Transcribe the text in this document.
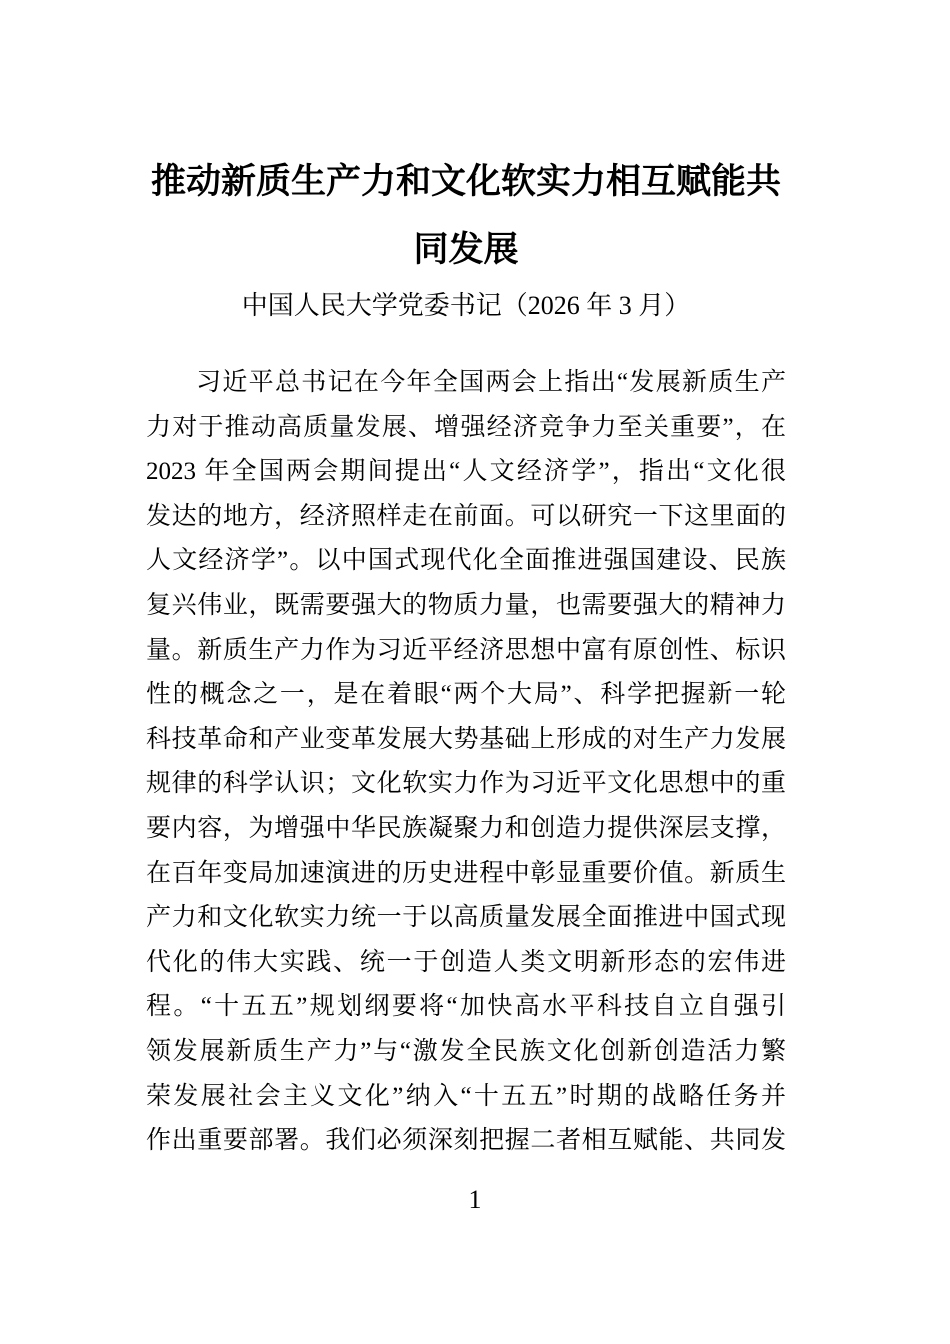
推动新质生产力和文化软实力相互赋能共
同发展
中国人民大学党委书记（2026 年 3 月）
习近平总书记在今年全国两会上指出“发展新质生产
力对于推动高质量发展、增强经济竞争力至关重要”，在
2023 年全国两会期间提出“人文经济学”，指出“文化很
发达的地方，经济照样走在前面。可以研究一下这里面的
人文经济学”。以中国式现代化全面推进强国建设、民族
复兴伟业，既需要强大的物质力量，也需要强大的精神力
量。新质生产力作为习近平经济思想中富有原创性、标识
性的概念之一，是在着眼“两个大局”、科学把握新一轮
科技革命和产业变革发展大势基础上形成的对生产力发展
规律的科学认识；文化软实力作为习近平文化思想中的重
要内容，为增强中华民族凝聚力和创造力提供深层支撑，
在百年变局加速演进的历史进程中彰显重要价值。新质生
产力和文化软实力统一于以高质量发展全面推进中国式现
代化的伟大实践、统一于创造人类文明新形态的宏伟进
程。“十五五”规划纲要将“加快高水平科技自立自强引
领发展新质生产力”与“激发全民族文化创新创造活力繁
荣发展社会主义文化”纳入“十五五”时期的战略任务并
作出重要部署。我们必须深刻把握二者相互赋能、共同发
1
